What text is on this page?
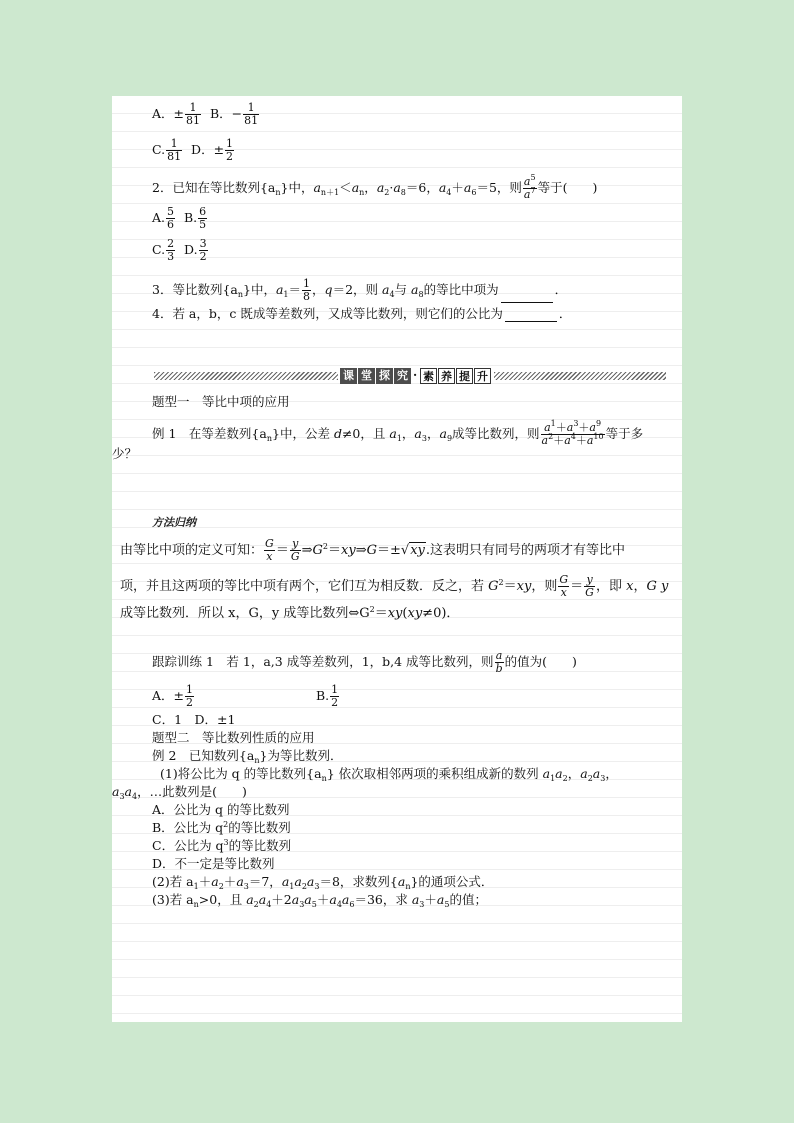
A．± $\frac{1}{81}$ B．− $\frac{1}{81}$
C. $\frac{1}{81}$ D．± $\frac{1}{2}$
2．已知在等比数列$\{a_n\}$中，$a_{n+1}<a_n$，$a_2\cdot a_8=6$，$a_4+a_6=5$，则 $\frac{a^5}{a^7}$ 等于(　　)
A. $\frac{5}{6} B$. $\frac{6}{5}$
C. $\frac{2}{3} D$. $\frac{3}{2}$
3．等比数列$\{a_n\}$中，$a_1= \frac{1}{8}$ ，q＝2，则 $a_4$与 $a_8$的等比中项为	．
4．若 a，b，c 既成等差数列，又成等比数列，则它们的公比为	．
课 堂 探 究 · 素 养 提 升
题型一　等比中项的应用
例 1　在等差数列$\{a_n\}$中，公差 d≠0，且 $a_1$，$a_3$，$a_9$成等比数列，则 $\frac{a^1+a^3+a^9}{a^2+a^4+a^{10}}$ 等于多
少？
方法归纳
由等比中项的定义可知： $\frac{G}{x} = \frac{y}{G}$ $\Rightarrow G^2=xy\Rightarrow G=\pm√xy$.这表明只有同号的两项才有等比中
项，并且这两项的等比中项有两个，它们互为相反数．反之，若 $G^2=xy$，则 $\frac{G}{x} = \frac{y}{G}$ ，即 x，G y
成等比数列．所以 x，G，y 成等比数列$\Leftrightarrow G^2=xy(xy\ne 0)$．
跟踪训练 1　若 1，a,3 成等差数列，1，b,4 成等比数列，则 $\frac{a}{b}$ 的值为(　　)
A．± $\frac{1}{2}$	B. $\frac{1}{2}$
C．1　D．±1
题型二　等比数列性质的应用
例 2　已知数列$\{a_n\}$为等比数列．
(1)将公比为 q 的等比数列$\{a_n\}$ 依次取相邻两项的乘积组成新的数列 $a_1a_2$，$a_2a_3$，
$a_3a_4$，…此数列是(　　)
A．公比为 q 的等比数列
B．公比为 $q^2$的等比数列
C．公比为 $q^3$的等比数列
D．不一定是等比数列
(2)若 $a_1+a_2+a_3=7$，$a_1a_2a_3=8$，求数列$\{a_n\}$的通项公式．
(3)若 $a_n>0$，且 $a_2a_4+2a_3a_5+a_4a_6=36$，求 $a_3+a_5$的值；
